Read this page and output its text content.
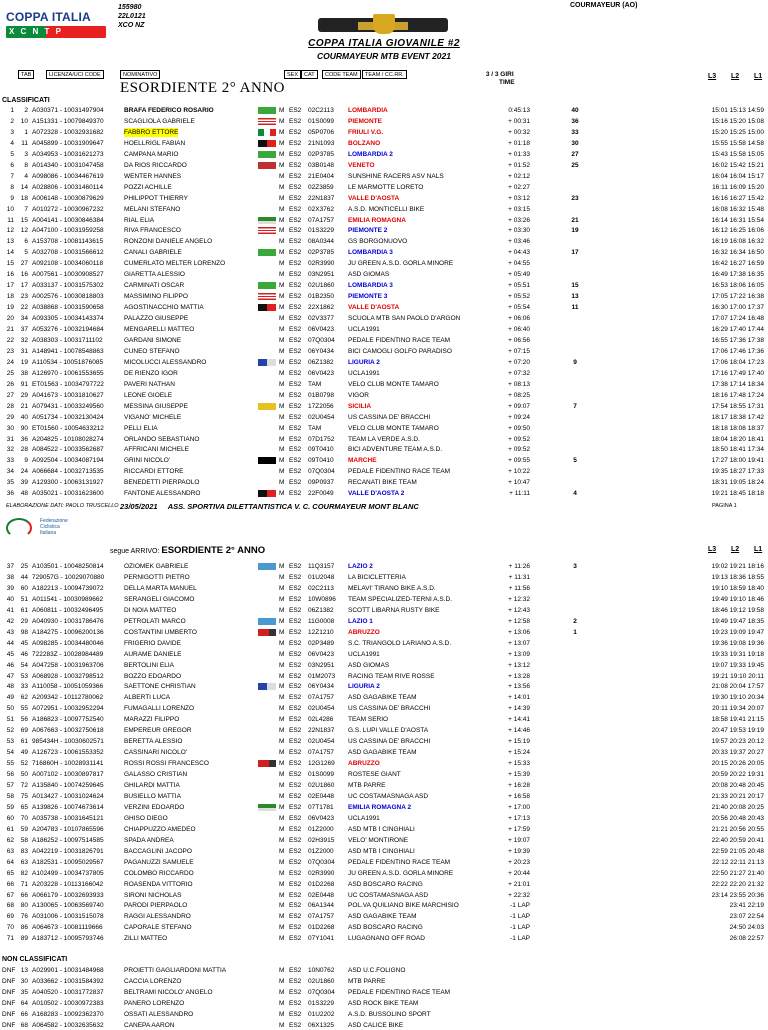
COPPA ITALIA
X C N T P
155980
22L0121
XCO NZ
COURMAYEUR (AO)
COPPA ITALIA GIOVANILE #2
COURMAYEUR MTB EVENT 2021
TAB	LICENZA/UCI CODE	NOMINATIVO	SEX	CAT	CODE TEAM	TEAM / CC.RR.	3 / 3 GIRI
TIME
L3 L2 L1
ESORDIENTE 2° ANNO
CLASSIFICATI
1	2 A030371 - 10031497904	BRAFA FEDERICO ROSARIO	M ES2 02C2113 LOMBARDIA	0:45:13	40	15:01 15:13 14:59
2	10 A151331 - 10079849370	SCAGLIOLA GABRIELE	M ES2 01S0099 PIEMONTE	+ 00:31	36	15:16 15:20 15:08
3	1 A072328 - 10032931682	FABBRO ETTORE	M ES2 05P0706 FRIULI V.G.	+ 00:32	33	15:20 15:25 15:00
4	11 A045899 - 10031909647	HOELLRIGL FABIAN	M ES2 21N1093 BOLZANO	+ 01:18	30	15:55 15:58 14:58
5	3 A034953 - 10031621273	CAMPANA MARIO	M ES2 02P3785 LOMBARDIA 2	+ 01:33	27	15:43 15:58 15:05
6	8 A014340 - 10031047458	DA RIOS RICCARDO	M ES2 03B0148 VENETO	+ 01:52	25	16:02 15:42 15:21
7	4 A098086 - 10034467619	WENTER HANNES	M ES2 21E0404 SUNSHINE RACERS ASV NALS	+ 02:12	16:04 16:04 15:17
8	14 A028806 - 10031460114	POZZI ACHILLE	M ES2 02Z3859 LE MARMOTTE LORETO	+ 02:27	16:11 16:09 15:20
9	18 A006148 - 10030879629	PHILIPPOT THIERRY	M ES2 22N1837 VALLE D'AOSTA	+ 03:12	23	16:16 16:27 15:42
10	7 A010272 - 10030967232	MELANI STEFANO	M ES2 02X3762 A.S.D. MONTICELLI BIKE	+ 03:15	16:08 16:32 15:48
11	15 A004141 - 10030846384	RIAL ELIA	M ES2 07A1757 EMILIA ROMAGNA	+ 03:26	21	16:14 16:31 15:54
12	12 A047100 - 10031959258	RIVA FRANCESCO	M ES2 01S3229 PIEMONTE 2	+ 03:30	19	16:12 16:25 16:06
13	6 A153708 - 10081143615	RONZONI DANIELE ANGELO	M ES2 08A0344 GS BORGONUOVO	+ 03:46	16:19 16:08 16:32
14	5 A032708 - 10031566612	CANALI GABRIELE	M ES2 02P3785 LOMBARDIA 3	+ 04:43	17	16:32 16:34 16:50
15	27 A092108 - 10034060118	CUMERLATO MELTER LORENZO	M ES2 02R3990 JU GREEN A.S.D. GORLA MINORE	+ 04:55	16:42 16:27 16:59
16	16 A007561 - 10030908527	GIARETTA ALESSIO	M ES2 03N2951 ASD GIOMAS	+ 05:49	16:49 17:38 16:35
17	17 A033137 - 10031575302	CARMINATI OSCAR	M ES2 02U1860 LOMBARDIA 3	+ 05:51	15	16:53 18:06 16:05
18	23 A002576 - 10030818803	MASSIMINO FILIPPO	M ES2 01B2350 PIEMONTE 3	+ 05:52	13	17:05 17:22 16:38
19	22 A038868 - 10031590658	AGOSTINACCHIO MATTIA	M ES2 22X1862 VALLE D'AOSTA	+ 05:54	11	16:30 17:00 17:37
20	34 A093305 - 10034143374	PALAZZO GIUSEPPE	M ES2 02V3377 SCUOLA MTB SAN PAOLO D'ARGON	+ 06:06	17:07 17:24 16:48
21	37 A053276 - 10032194684	MENGARELLI MATTEO	M ES2 06V0423 UCLA1991	+ 06:40	16:29 17:40 17:44
22	32 A038303 - 10031711102	GARDANI SIMONE	M ES2 07Q0304 PEDALE FIDENTINO RACE TEAM	+ 06:56	16:55 17:36 17:38
23	31 A148941 - 10078548863	CUNEO STEFANO	M ES2 06Y0434 BICI CAMOGLI GOLFO PARADISO	+ 07:15	17:06 17:46 17:36
24	19 A110534 - 10051876085	MICOLUCCI ALESSANDRO	M ES2 06Z1382 LIGURIA 2	+ 07:20	9	17:06 18:04 17:23
25	38 A126970 - 10061553655	DE RIENZO IGOR	M ES2 06V0423 UCLA1991	+ 07:32	17:16 17:49 17:40
26	91 ET01563 - 10034797722	PAVERI NATHAN	M ES2 TAM	VELO CLUB MONTE TAMARO	+ 08:13	17:38 17:14 18:34
27	29 A041673 - 10031810627	LEONE GIOELE	M ES2 01B0798 VIGOR	+ 08:25	18:16 17:48 17:24
28	21 A079431 - 10033249560	MESSINA GIUSEPPE	M ES2 17Z2056 SICILIA	+ 09:07	7	17:54 18:55 17:31
29	40 A051734 - 10032130424	VIGANO' MICHELE	M ES2 02U0454 US CASSINA DE' BRACCHI	+ 09:24	18:17 18:38 17:42
30	90 ET01560 - 10054633212	PELLI ELIA	M ES2 TAM	VELO CLUB MONTE TAMARO	+ 09:50	18:18 18:08 18:37
31	36 A204825 - 10108028274	ORLANDO SEBASTIANO	M ES2 07D1752 TEAM LA VERDE A.S.D.	+ 09:52	18:04 18:20 18:41
32	28 A084522 - 10033562687	AFFRICANI MICHELE	M ES2 09T0410 BICI ADVENTURE TEAM A.S.D.	+ 09:52	18:50 18:41 17:34
33	9 A092504 - 10034087194	GRINI NICOLO'	M ES2 09T0410 MARCHE	+ 09:55	5	17:27 18:00 19:41
34	24 A066684 - 10032713535	RICCARDI ETTORE	M ES2 07Q0304 PEDALE FIDENTINO RACE TEAM	+ 10:22	19:35 18:27 17:33
35	39 A129300 - 10063131927	BENEDETTI PIERPAOLO	M ES2 09P0937 RECANATI BIKE TEAM	+ 10:47	18:31 19:05 18:24
36	48 A035021 - 10031623600	FANTONE ALESSANDRO	M ES2 22F0049 VALLE D'AOSTA 2	+ 11:11	4	19:21 18:45 18:18
ELABORAZIONE DATI: PAOLO TRUSCELLO 23/05/2021 ASS. SPORTIVA DILETTANTISTICA V. C. COURMAYEUR MONT BLANC	PAGINA 1
Federazione
Ciclistica
Italiana
segue ARRIVO: ESORDIENTE 2° ANNO	L3 L2 L1
37	25 A103501 - 10048250814	OZIOMEK GABRIELE	M ES2 11Q3157 LAZIO 2	+ 11:26	3	19:02 19:21 18:16
38	44 729057G - 10029070880	PERNIGOTTI PIETRO	M ES2 01U2048 LA BICICLETTERIA	+ 11:31	19:13 18:36 18:55
39	60 A182213 - 10094739072	DELLA MARTA MANUEL	M ES2 02C2113 MELAVI' TIRANO BIKE A.S.D.	+ 11:56	19:10 18:59 18:40
40	51 A011541 - 10030989662	SERANGELI GIACOMO	M ES2 10W0896 TEAM SPECIALIZED-TERNI A.S.D.	+ 12:32	19:49 19:10 18:46
41	61 A060811 - 10032496495	DI NOIA MATTEO	M ES2 06Z1382 SCOTT LIBARNA RUSTY BIKE	+ 12:43	18:46 19:12 19:58
42	29 A040930 - 10031786476	PETROLATI MARCO	M ES2 11G0008 LAZIO 1	+ 12:58	2	19:49 19:47 18:35
43	98 A184275 - 10096200136	COSTANTINI UMBERTO	M ES2 12Z1210 ABRUZZO	+ 13:06	1	19:23 19:09 19:47
44	45 A098285 - 10034480046	FRIGERIO DAVIDE	M ES2 02P3489 S.C. TRIANGOLO LARIANO A.S.D.	+ 13:07	19:36 19:08 19:36
45	46 722283Z - 10028984489	AURAME DANIELE	M ES2 06V0423 UCLA1991	+ 13:09	19:33 19:31 19:18
46	54 A047258 - 10031963706	BERTOLINI ELIA	M ES2 03N2951 ASD GIOMAS	+ 13:12	19:07 19:33 19:45
47	53 A068928 - 10032798512	BOZZO EDOARDO	M ES2 01M2073 RACING TEAM RIVE ROSSE	+ 13:28	19:21 19:10 20:11
48	33 A110058 - 10051059366	SAETTONE CHRISTIAN	M ES2 06Y0434 LIGURIA 2	+ 13:56	21:08 20:04 17:57
49	62 A209342 - 10112780062	ALBERTI LUCA	M ES2 07A1757 ASD GAGABIKE TEAM	+ 14:01	19:30 19:10 20:34
50	55 A072951 - 10032952294	FUMAGALLI LORENZO	M ES2 02U0454 US CASSINA DE' BRACCHI	+ 14:39	20:11 19:34 20:07
51	56 A186823 - 10097752540	MARAZZI FILIPPO	M ES2 02L4286 TEAM SERIO	+ 14:41	18:58 19:41 21:15
52	69 A067663 - 10032750618	EMPEREUR GREGOR	M ES2 22N1837 G.S. LUPI VALLE D'AOSTA	+ 14:46	20:47 19:53 19:19
53	61 985434H - 10030602571	BERETTA ALESSIO	M ES2 02U0454 US CASSINA DE' BRACCHI	+ 15:19	19:57 20:23 20:12
54	49 A126723 - 10061553352	CASSINARI NICOLO'	M ES2 07A1757 ASD GAGABIKE TEAM	+ 15:24	20:33 19:37 20:27
55	52 716860H - 10028931141	ROSSI ROSSI FRANCESCO	M ES2 12G1269 ABRUZZO	+ 15:33	20:15 20:26 20:05
56	50 A007102 - 10030897817	GALASSO CRISTIAN	M ES2 01S0099 ROSTESE GIANT	+ 15:39	20:59 20:22 19:31
57	72 A135840 - 10074259645	GHILARDI MATTIA	M ES2 02U1860 MTB PARRE	+ 16:28	20:08 20:48 20:45
58	75 A013427 - 10031024624	BUSIELLO MATTIA	M ES2 02E0448 UC COSTAMASNAGA ASD	+ 16:58	21:33 20:21 20:17
59	65 A139826 - 10074673614	VERZINI EDOARDO	M ES2 07T1781 EMILIA ROMAGNA 2	+ 17:00	21:40 20:08 20:25
60	70 A035738 - 10031645121	GHISO DIEGO	M ES2 06V0423 UCLA1991	+ 17:13	20:56 20:48 20:43
61	59 A204783 - 10107865596	CHIAPPUZZO AMEDEO	M ES2 01Z2000 ASD MTB I CINGHIALI	+ 17:59	21:21 20:56 20:55
62	58 A186252 - 10097514585	SPADA ANDREA	M ES2 02H3915 VELO' MONTIRONE	+ 19:07	22:40 20:59 20:41
63	83 A042219 - 10031826791	BACCAGLINI JACOPO	M ES2 01Z2000 ASD MTB I CINGHIALI	+ 19:39	22:59 21:05 20:48
64	63 A182531 - 10095029567	PAGANUZZI SAMUELE	M ES2 07Q0304 PEDALE FIDENTINO RACE TEAM	+ 20:23	22:12 22:11 21:13
65	82 A102499 - 10034737805	COLOMBO RICCARDO	M ES2 02R3990 JU GREEN A.S.D. GORLA MINORE	+ 20:44	22:50 21:27 21:40
66	71 A203228 - 10113166042	ROASENDA VITTORIO	M ES2 01D2268 ASD BOSCARO RACING	+ 21:01	22:22 22:20 21:32
67	66 A066179 - 10032693933	SIRONI NICHOLAS	M ES2 02E0448 UC COSTAMASNAGA ASD	+ 22:32	23:14 23:55 20:36
68	80 A130065 - 10063569740	PARODI PIERPAOLO	M ES2 06A1344 POL.VA QUILIANO BIKE MARCHISIO	-1 LAP	23:41 22:19
69	76 A031006 - 10031515078	RAGGI ALESSANDRO	M ES2 07A1757 ASD GAGABIKE TEAM	-1 LAP	23:07 22:54
70	86 A064673 - 10081119666	CAPORALE STEFANO	M ES2 01D2268 ASD BOSCARO RACING	-1 LAP	24:50 24:03
71	89 A183712 - 10095793746	ZILLI MATTEO	M ES2 07Y1041 LUGAGNANO OFF ROAD	-1 LAP	26:08 22:57
NON CLASSIFICATI
DNF 13 A029901 - 10031484968	PROIETTI GAGLIARDONI MATTIA	M ES2 10N0762 ASD U.C.FOLIGNO
DNF 30 A033662 - 10031584392	CACCIA LORENZO	M ES2 02U1860 MTB PARRE
DNF 35 A040520 - 10031772837	BELTRAMI NICOLO' ANGELO	M ES2 07Q0304 PEDALE FIDENTINO RACE TEAM
DNF 64 A010502 - 10030972383	PANERO LORENZO	M ES2 01S3229 ASD ROCK BIKE TEAM
DNF 66 A168283 - 10092362370	OSSATI ALESSANDRO	M ES2 01U2202 A.S.D. BUSSOLINO SPORT
DNF 68 A064582 - 10032635632	CANEPA AARON	M ES2 06X1325 ASD CALICE BIKE
